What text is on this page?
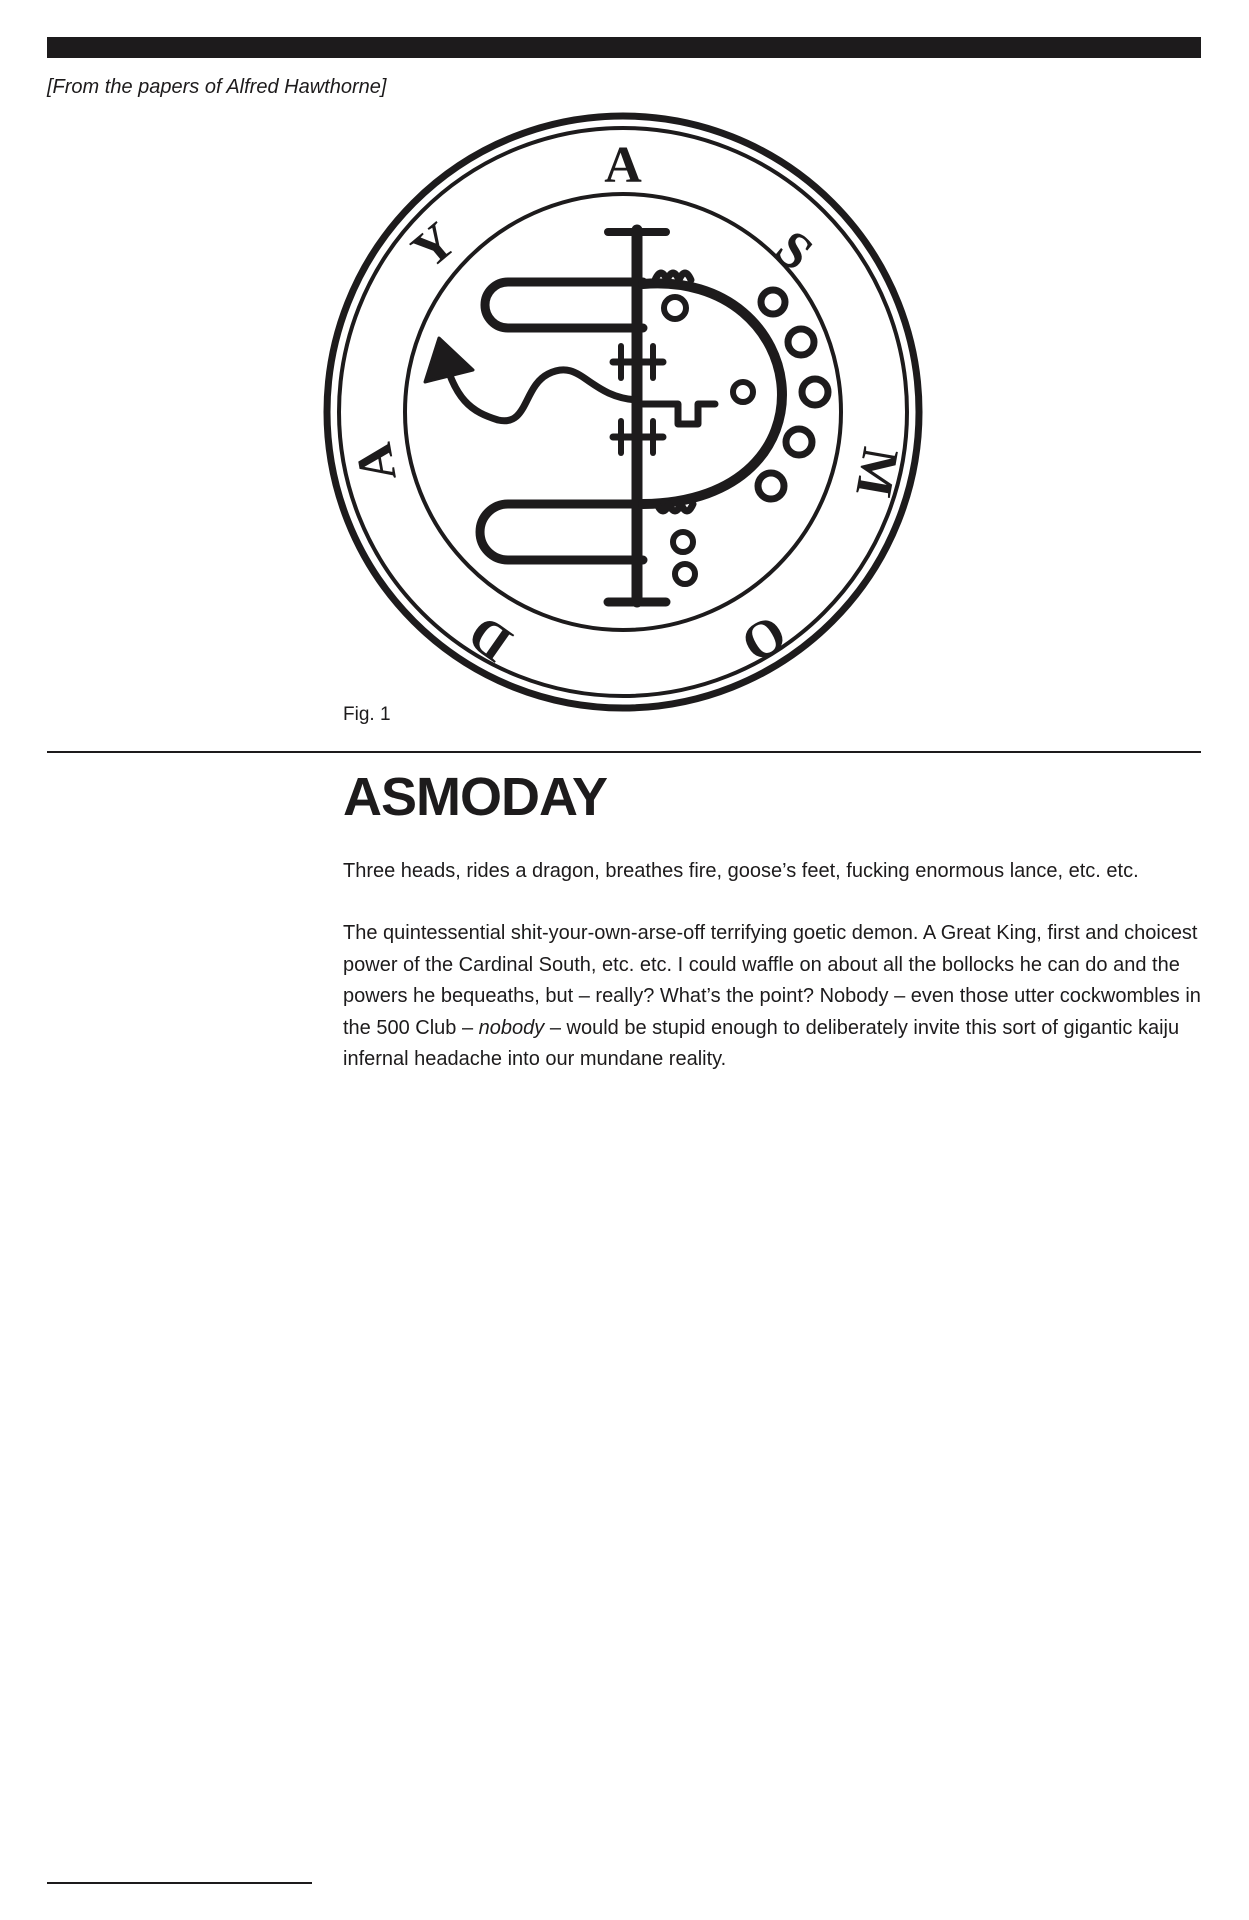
[From the papers of Alfred Hawthorne]
A
S
M
O
D
A
Y
Fig. 1
ASMODAY

Three heads, rides a dragon, breathes fire, goose’s feet, fucking enormous lance, etc. etc.

The quintessential shit-your-own-arse-off terrifying goetic demon. A Great King, first and choicest power of the Cardinal South, etc. etc. I could waffle on about all the bollocks he can do and the powers he bequeaths, but – really? What’s the point? Nobody – even those utter cockwombles in the 500 Club – nobody – would be stupid enough to deliberately invite this sort of gigantic kaiju infernal headache into our mundane reality.
